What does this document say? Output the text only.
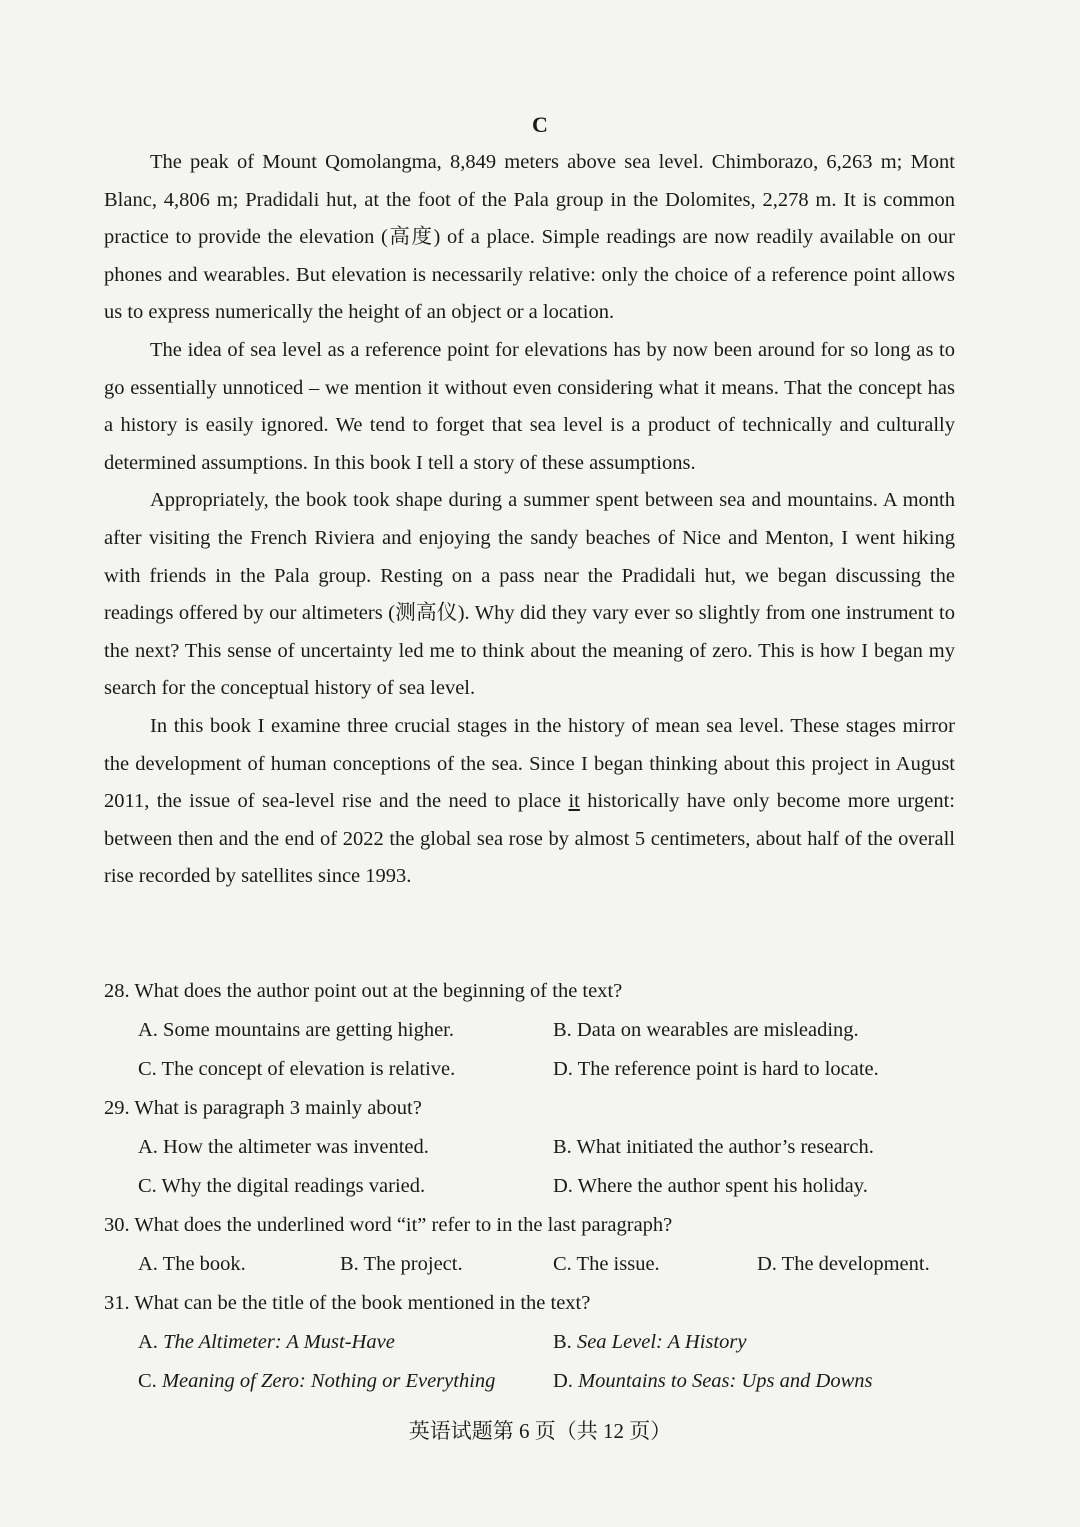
C

The peak of Mount Qomolangma, 8,849 meters above sea level. Chimborazo, 6,263 m; Mont Blanc, 4,806 m; Pradidali hut, at the foot of the Pala group in the Dolomites, 2,278 m. It is common practice to provide the elevation (高度) of a place. Simple readings are now readily available on our phones and wearables. But elevation is necessarily relative: only the choice of a reference point allows us to express numerically the height of an object or a location.

The idea of sea level as a reference point for elevations has by now been around for so long as to go essentially unnoticed – we mention it without even considering what it means. That the concept has a history is easily ignored. We tend to forget that sea level is a product of technically and culturally determined assumptions. In this book I tell a story of these assumptions.

Appropriately, the book took shape during a summer spent between sea and mountains. A month after visiting the French Riviera and enjoying the sandy beaches of Nice and Menton, I went hiking with friends in the Pala group. Resting on a pass near the Pradidali hut, we began discussing the readings offered by our altimeters (测高仪). Why did they vary ever so slightly from one instrument to the next? This sense of uncertainty led me to think about the meaning of zero. This is how I began my search for the conceptual history of sea level.

In this book I examine three crucial stages in the history of mean sea level. These stages mirror the development of human conceptions of the sea. Since I began thinking about this project in August 2011, the issue of sea-level rise and the need to place it historically have only become more urgent: between then and the end of 2022 the global sea rose by almost 5 centimeters, about half of the overall rise recorded by satellites since 1993.

28. What does the author point out at the beginning of the text?
A. Some mountains are getting higher.	B. Data on wearables are misleading.
C. The concept of elevation is relative.	D. The reference point is hard to locate.
29. What is paragraph 3 mainly about?
A. How the altimeter was invented.	B. What initiated the author’s research.
C. Why the digital readings varied.	D. Where the author spent his holiday.
30. What does the underlined word “it” refer to in the last paragraph?
A. The book.	B. The project.	C. The issue.	D. The development.
31. What can be the title of the book mentioned in the text?
A. The Altimeter: A Must-Have	B. Sea Level: A History
C. Meaning of Zero: Nothing or Everything	D. Mountains to Seas: Ups and Downs
英语试题第 6 页（共 12 页）
